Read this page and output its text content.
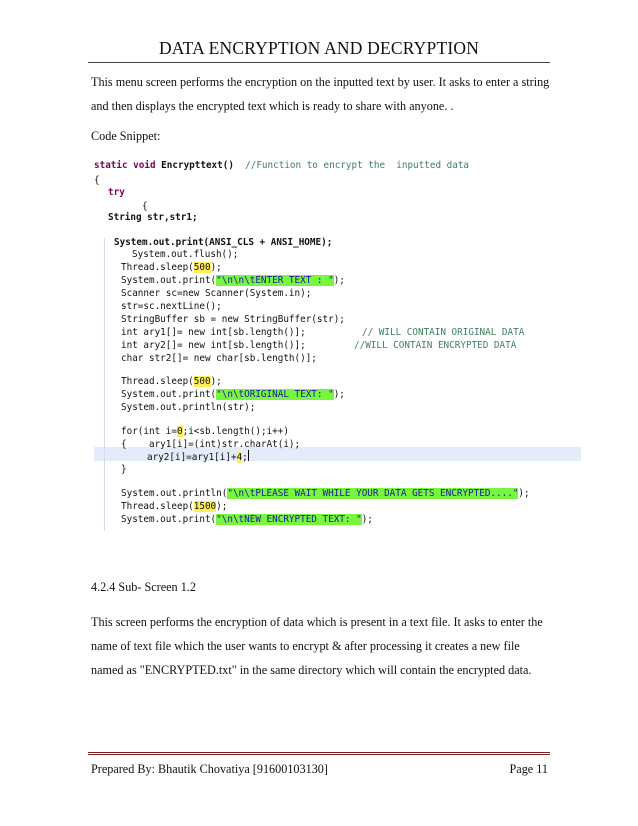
DATA ENCRYPTION AND DECRYPTION

This menu screen performs the encryption on the inputted text by user. It asks to enter a string and then displays the encrypted text which is ready to share with anyone. .

Code Snippet:

static void Encrypttext()  //Function to encrypt the  inputted data
{
try
{
String str,str1;
System.out.print(ANSI_CLS + ANSI_HOME);
System.out.flush();
Thread.sleep(500);
System.out.print("\n\n\tENTER TEXT : ");
Scanner sc=new Scanner(System.in);
str=sc.nextLine();
StringBuffer sb = new StringBuffer(str);
int ary1[]= new int[sb.length()];	// WILL CONTAIN ORIGINAL DATA
int ary2[]= new int[sb.length()];	//WILL CONTAIN ENCRYPTED DATA
char str2[]= new char[sb.length()];
Thread.sleep(500);
System.out.print("\n\tORIGINAL TEXT: ");
System.out.println(str);
for(int i=0;i<sb.length();i++)
{    ary1[i]=(int)str.charAt(i);
ary2[i]=ary1[i]+4;
}
System.out.println("\n\tPLEASE WAIT WHILE YOUR DATA GETS ENCRYPTED....");
Thread.sleep(1500);
System.out.print("\n\tNEW ENCRYPTED TEXT: ");
4.2.4 Sub- Screen 1.2

This screen performs the encryption of data which is present in a text file. It asks to enter the name of text file which the user wants to encrypt & after processing it creates a new file named as "ENCRYPTED.txt" in the same directory which will contain the encrypted data.

Prepared By: Bhautik Chovatiya [91600103130]	Page 11
